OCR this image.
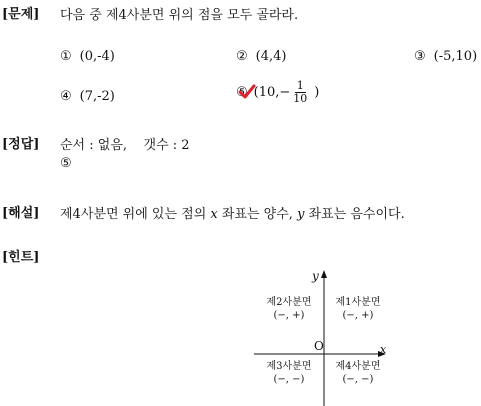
[문제] 다음 중 제4사분면 위의 점을 모두 골라라.
① (0,-4)	② (4,4)	③ (-5,10)
④ (7,-2)	⑤ ($10,- \frac{1}{10}$ )
[정답] 순서 : 없음,    갯수 : 2
⑤
[해설] 제4사분면 위에 있는 점의 x 좌표는 양수, y 좌표는 음수이다.
[힌트]
y
x
O
제2사분면
(−, +)
제1사분면
(−, +)
제3사분면
(−, −)
제4사분면
(−, −)
